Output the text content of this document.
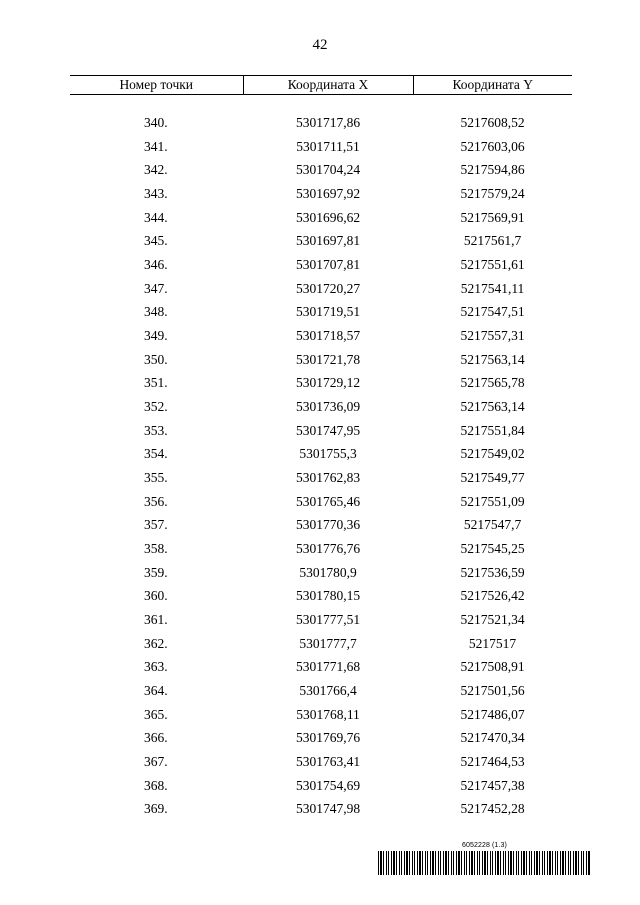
42
Номер точки	Координата X	Координата Y

340.	5301717,86	5217608,52
341.	5301711,51	5217603,06
342.	5301704,24	5217594,86
343.	5301697,92	5217579,24
344.	5301696,62	5217569,91
345.	5301697,81	5217561,7
346.	5301707,81	5217551,61
347.	5301720,27	5217541,11
348.	5301719,51	5217547,51
349.	5301718,57	5217557,31
350.	5301721,78	5217563,14
351.	5301729,12	5217565,78
352.	5301736,09	5217563,14
353.	5301747,95	5217551,84
354.	5301755,3	5217549,02
355.	5301762,83	5217549,77
356.	5301765,46	5217551,09
357.	5301770,36	5217547,7
358.	5301776,76	5217545,25
359.	5301780,9	5217536,59
360.	5301780,15	5217526,42
361.	5301777,51	5217521,34
362.	5301777,7	5217517
363.	5301771,68	5217508,91
364.	5301766,4	5217501,56
365.	5301768,11	5217486,07
366.	5301769,76	5217470,34
367.	5301763,41	5217464,53
368.	5301754,69	5217457,38
369.	5301747,98	5217452,28
6052228 (1.3)
